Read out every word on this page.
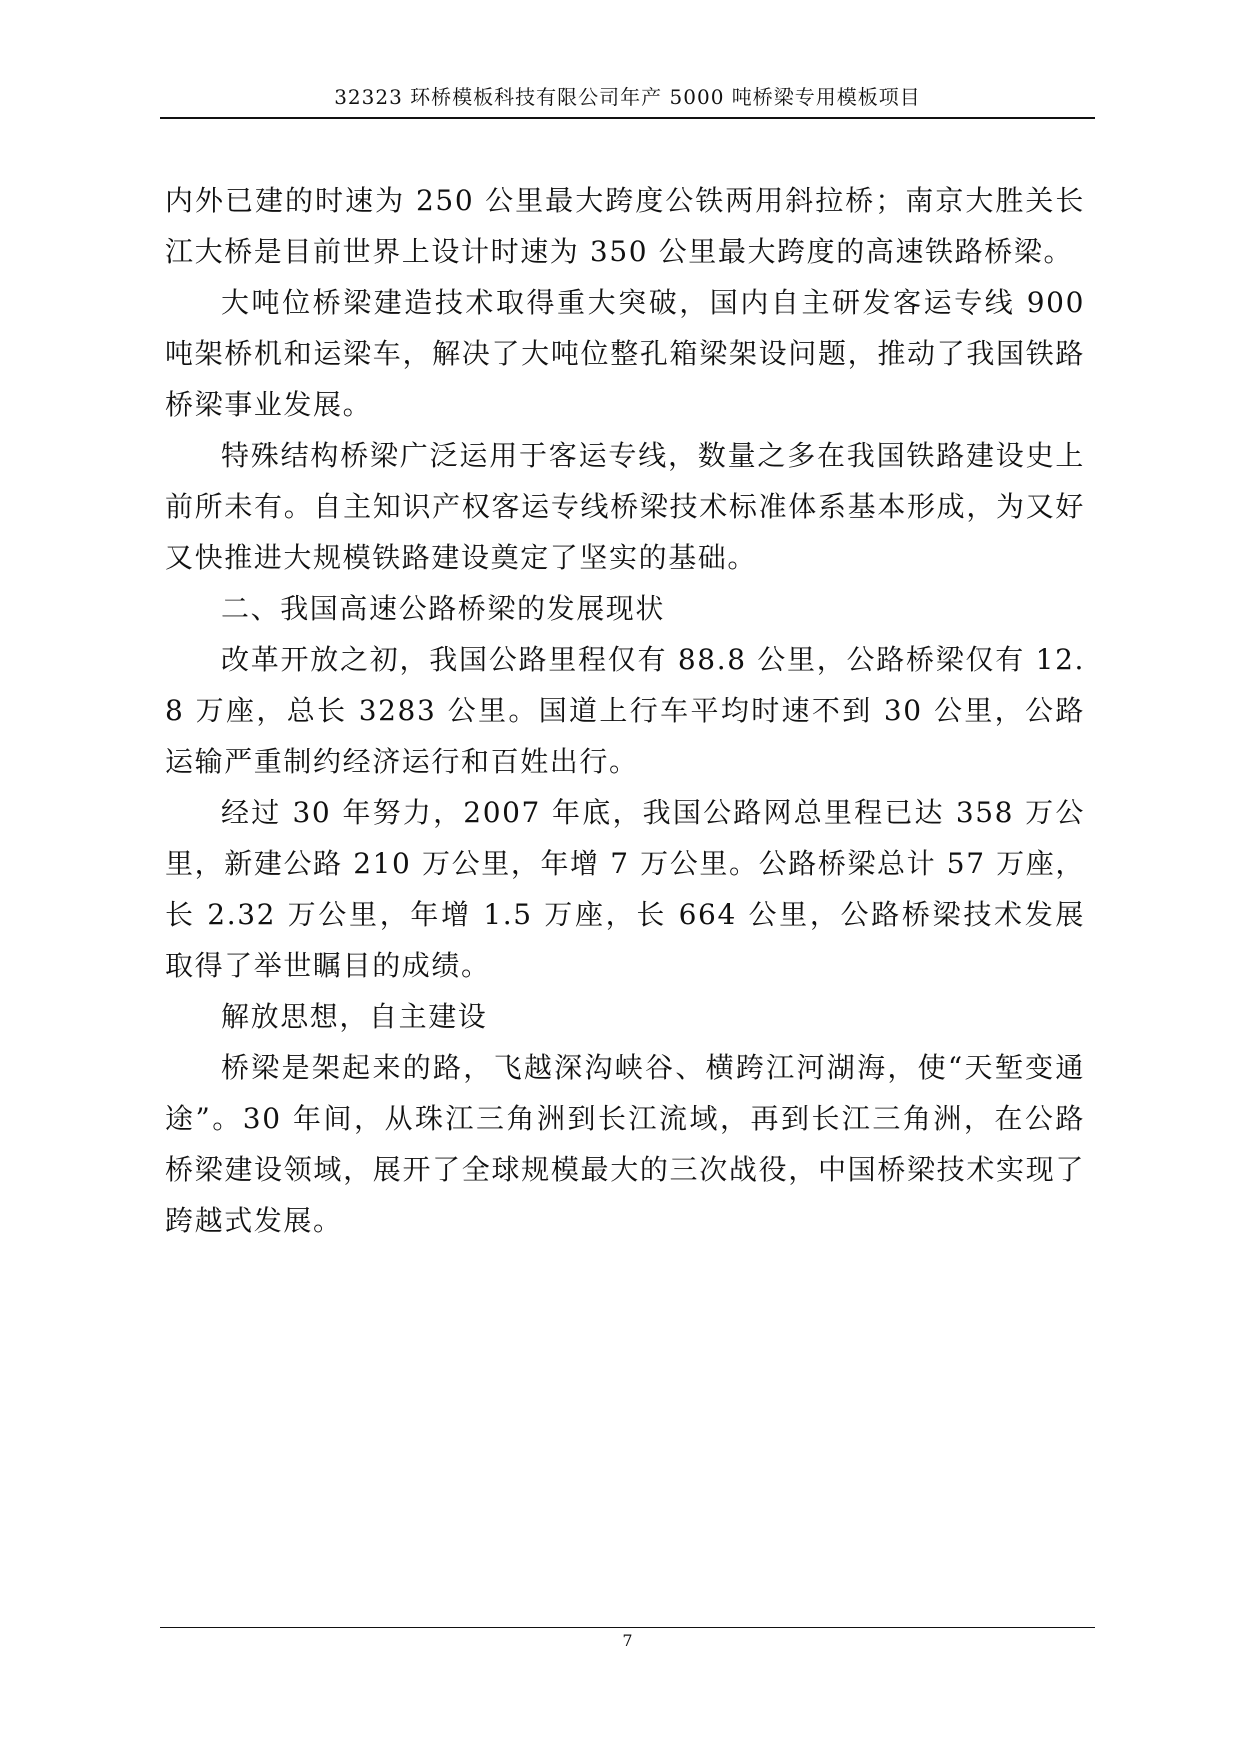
32323 环桥模板科技有限公司年产 5000 吨桥梁专用模板项目

内外已建的时速为 250 公里最大跨度公铁两用斜拉桥；南京大胜关长江大桥是目前世界上设计时速为 350 公里最大跨度的高速铁路桥梁。

大吨位桥梁建造技术取得重大突破，国内自主研发客运专线 900 吨架桥机和运梁车，解决了大吨位整孔箱梁架设问题，推动了我国铁路桥梁事业发展。

特殊结构桥梁广泛运用于客运专线，数量之多在我国铁路建设史上前所未有。自主知识产权客运专线桥梁技术标准体系基本形成，为又好又快推进大规模铁路建设奠定了坚实的基础。

二、我国高速公路桥梁的发展现状

改革开放之初，我国公路里程仅有 88.8 公里，公路桥梁仅有 12.8 万座，总长 3283 公里。国道上行车平均时速不到 30 公里，公路运输严重制约经济运行和百姓出行。

经过 30 年努力，2007 年底，我国公路网总里程已达 358 万公里，新建公路 210 万公里，年增 7 万公里。公路桥梁总计 57 万座，长 2.32 万公里，年增 1.5 万座，长 664 公里，公路桥梁技术发展取得了举世瞩目的成绩。

解放思想，自主建设

桥梁是架起来的路，飞越深沟峡谷、横跨江河湖海，使“天堑变通途”。30 年间，从珠江三角洲到长江流域，再到长江三角洲，在公路桥梁建设领域，展开了全球规模最大的三次战役，中国桥梁技术实现了跨越式发展。

7
